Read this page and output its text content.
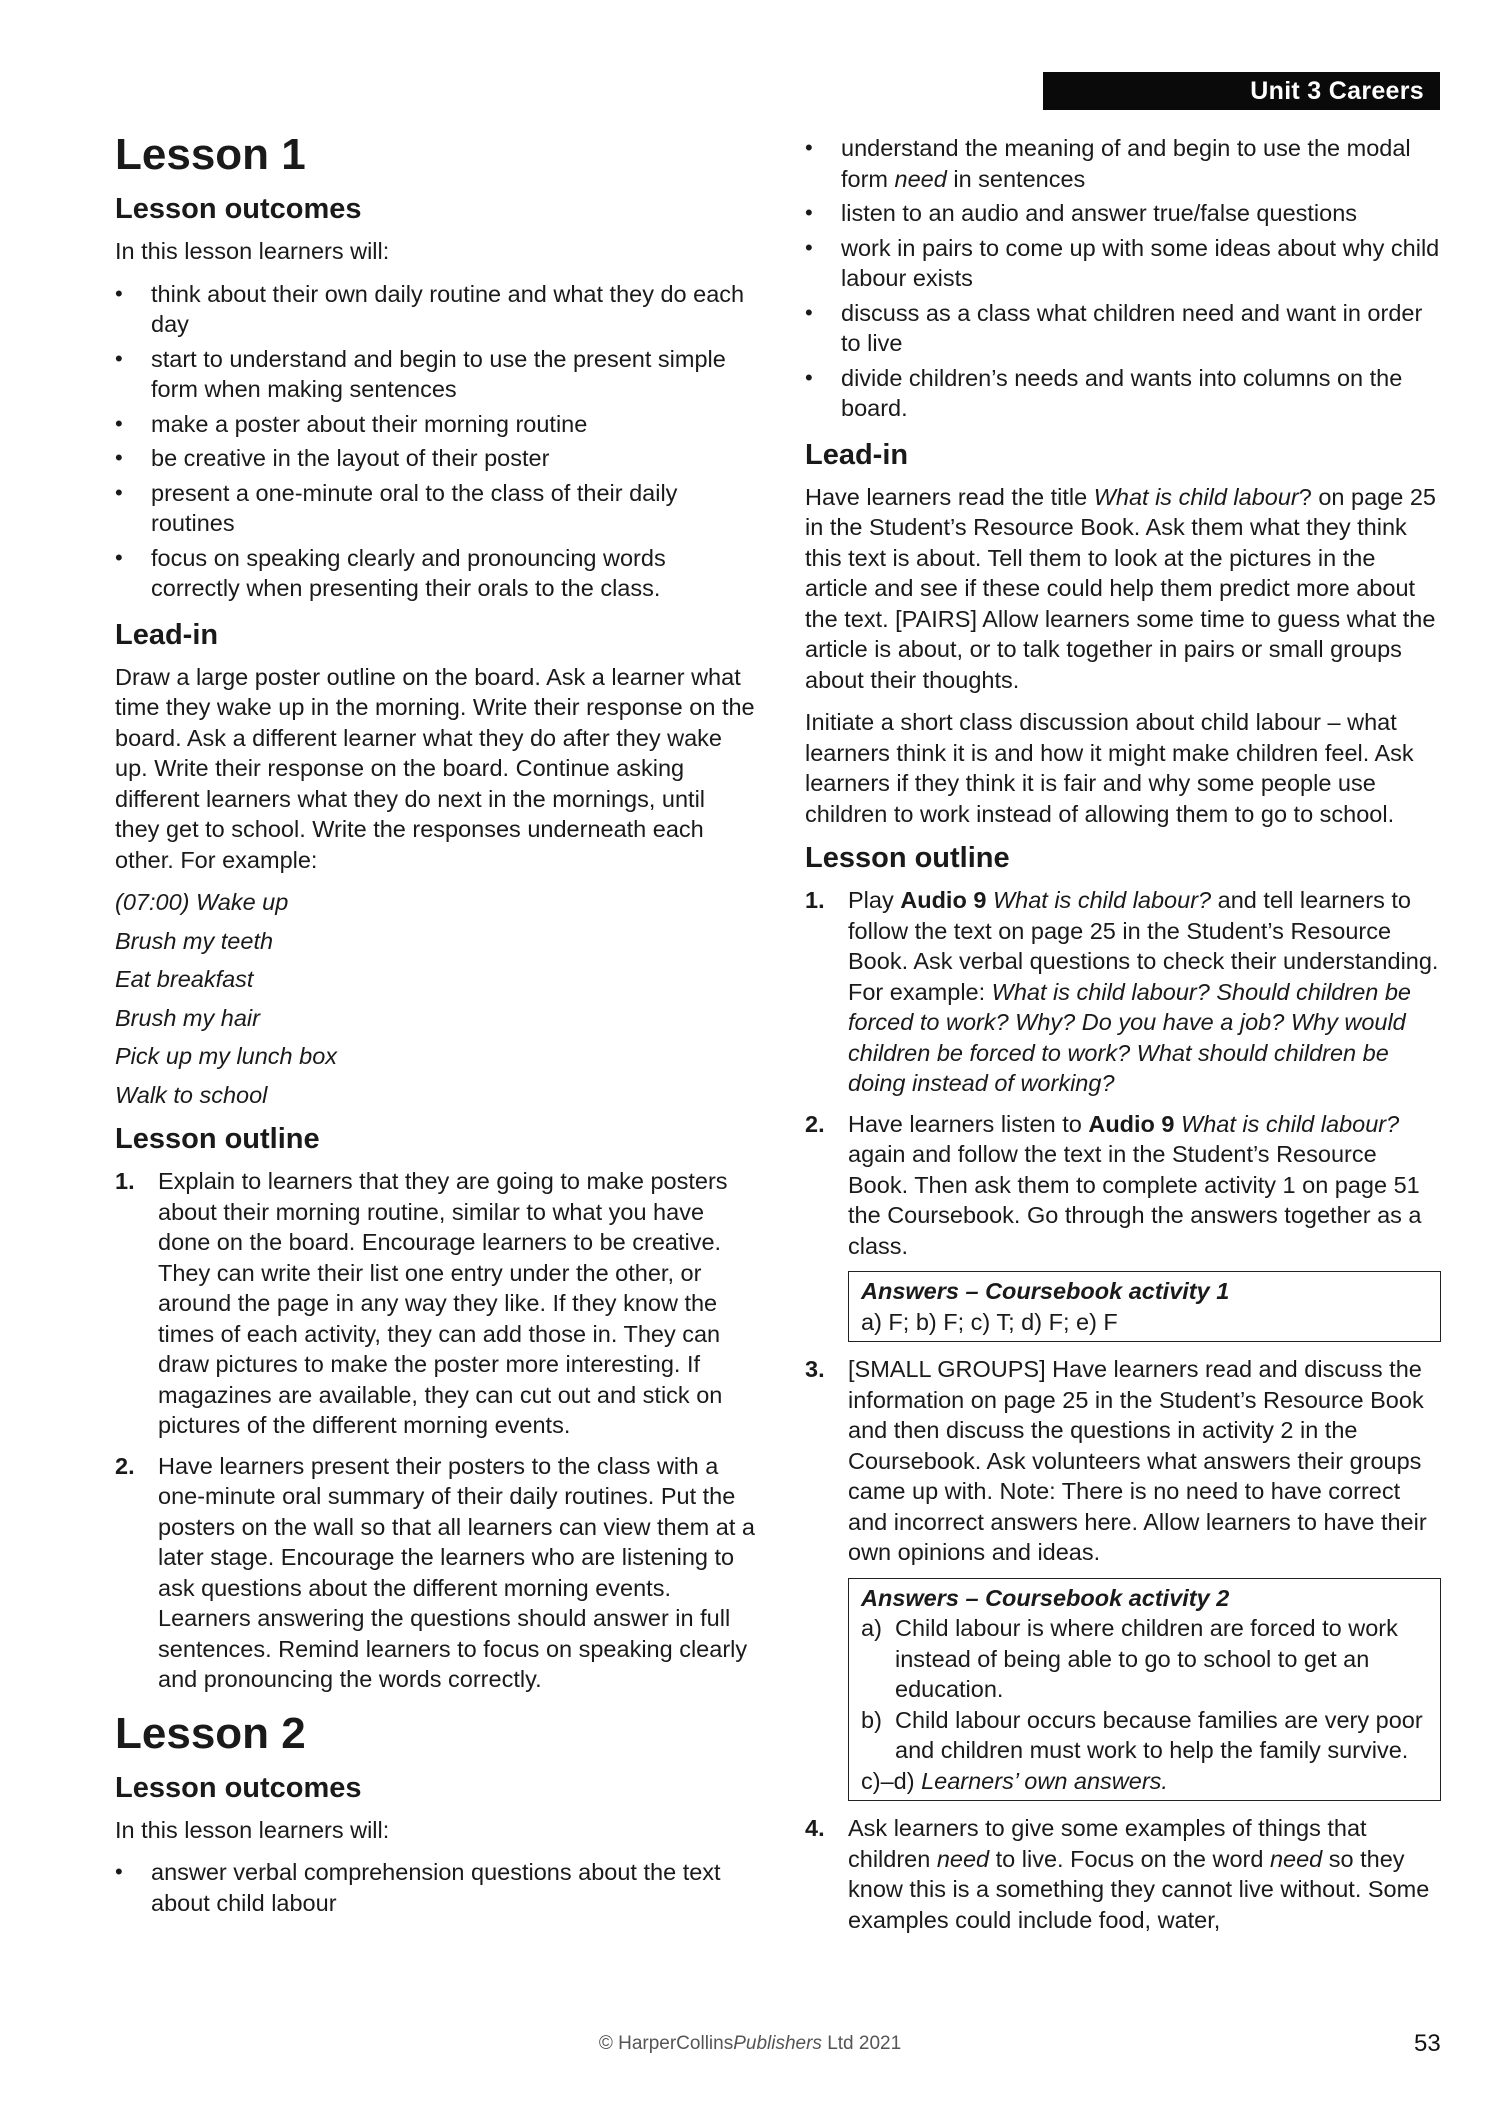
Unit 3 Careers
Lesson 1
Lesson outcomes

In this lesson learners will:

• think about their own daily routine and what they do each day
• start to understand and begin to use the present simple form when making sentences
• make a poster about their morning routine
• be creative in the layout of their poster
• present a one-minute oral to the class of their daily routines
• focus on speaking clearly and pronouncing words correctly when presenting their orals to the class.
Lead-in

Draw a large poster outline on the board. Ask a learner what time they wake up in the morning. Write their response on the board. Ask a different learner what they do after they wake up. Write their response on the board. Continue asking different learners what they do next in the mornings, until they get to school. Write the responses underneath each other. For example:

(07:00) Wake up

Brush my teeth

Eat breakfast

Brush my hair

Pick up my lunch box

Walk to school

Lesson outline
1. Explain to learners that they are going to make posters about their morning routine, similar to what you have done on the board. Encourage learners to be creative. They can write their list one entry under the other, or around the page in any way they like. If they know the times of each activity, they can add those in. They can draw pictures to make the poster more interesting. If magazines are available, they can cut out and stick on pictures of the different morning events.
2. Have learners present their posters to the class with a one-minute oral summary of their daily routines. Put the posters on the wall so that all learners can view them at a later stage. Encourage the learners who are listening to ask questions about the different morning events. Learners answering the questions should answer in full sentences. Remind learners to focus on speaking clearly and pronouncing the words correctly.
Lesson 2
Lesson outcomes

In this lesson learners will:

• answer verbal comprehension questions about the text about child labour
• understand the meaning of and begin to use the modal form need in sentences
• listen to an audio and answer true/false questions
• work in pairs to come up with some ideas about why child labour exists
• discuss as a class what children need and want in order to live
• divide children’s needs and wants into columns on the board.
Lead-in

Have learners read the title What is child labour? on page 25 in the Student’s Resource Book. Ask them what they think this text is about. Tell them to look at the pictures in the article and see if these could help them predict more about the text. [PAIRS] Allow learners some time to guess what the article is about, or to talk together in pairs or small groups about their thoughts.

Initiate a short class discussion about child labour – what learners think it is and how it might make children feel. Ask learners if they think it is fair and why some people use children to work instead of allowing them to go to school.

Lesson outline
1. Play Audio 9 What is child labour? and tell learners to follow the text on page 25 in the Student’s Resource Book. Ask verbal questions to check their understanding. For example: What is child labour? Should children be forced to work? Why? Do you have a job? Why would children be forced to work? What should children be doing instead of working?
2. Have learners listen to Audio 9 What is child labour? again and follow the text in the Student’s Resource Book. Then ask them to complete activity 1 on page 51 the Coursebook. Go through the answers together as a class.
Answers – Coursebook activity 1
a) F; b) F; c) T; d) F; e) F
3. [SMALL GROUPS] Have learners read and discuss the information on page 25 in the Student’s Resource Book and then discuss the questions in activity 2 in the Coursebook. Ask volunteers what answers their groups came up with. Note: There is no need to have correct and incorrect answers here. Allow learners to have their own opinions and ideas.
Answers – Coursebook activity 2
a) Child labour is where children are forced to work instead of being able to go to school to get an education.
b) Child labour occurs because families are very poor and children must work to help the family survive.
c)–d) Learners’ own answers.
4. Ask learners to give some examples of things that children need to live. Focus on the word need so they know this is a something they cannot live without. Some examples could include food, water,
© HarperCollinsPublishers Ltd 2021	53
